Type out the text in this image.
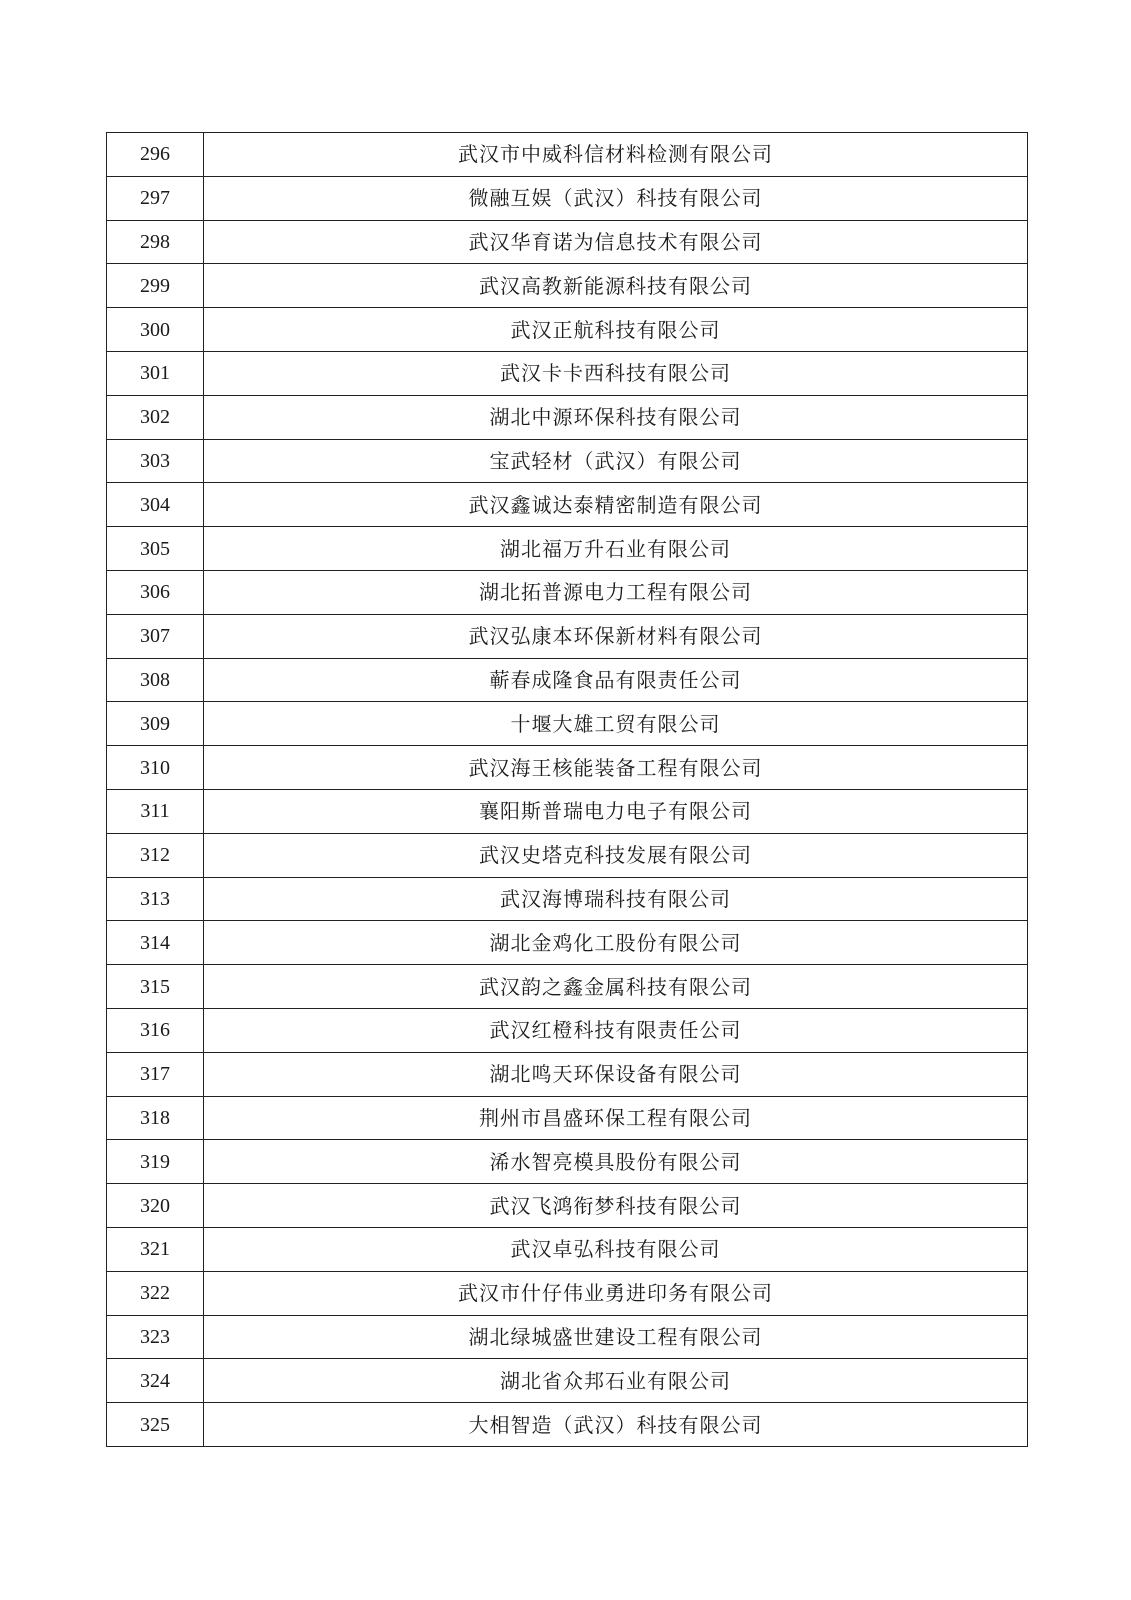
296	武汉市中威科信材料检测有限公司
297	微融互娱（武汉）科技有限公司
298	武汉华育诺为信息技术有限公司
299	武汉高教新能源科技有限公司
300	武汉正航科技有限公司
301	武汉卡卡西科技有限公司
302	湖北中源环保科技有限公司
303	宝武轻材（武汉）有限公司
304	武汉鑫诚达泰精密制造有限公司
305	湖北福万升石业有限公司
306	湖北拓普源电力工程有限公司
307	武汉弘康本环保新材料有限公司
308	蕲春成隆食品有限责任公司
309	十堰大雄工贸有限公司
310	武汉海王核能装备工程有限公司
311	襄阳斯普瑞电力电子有限公司
312	武汉史塔克科技发展有限公司
313	武汉海博瑞科技有限公司
314	湖北金鸡化工股份有限公司
315	武汉韵之鑫金属科技有限公司
316	武汉红橙科技有限责任公司
317	湖北鸣天环保设备有限公司
318	荆州市昌盛环保工程有限公司
319	浠水智亮模具股份有限公司
320	武汉飞鸿衔梦科技有限公司
321	武汉卓弘科技有限公司
322	武汉市什仔伟业勇进印务有限公司
323	湖北绿城盛世建设工程有限公司
324	湖北省众邦石业有限公司
325	大相智造（武汉）科技有限公司
